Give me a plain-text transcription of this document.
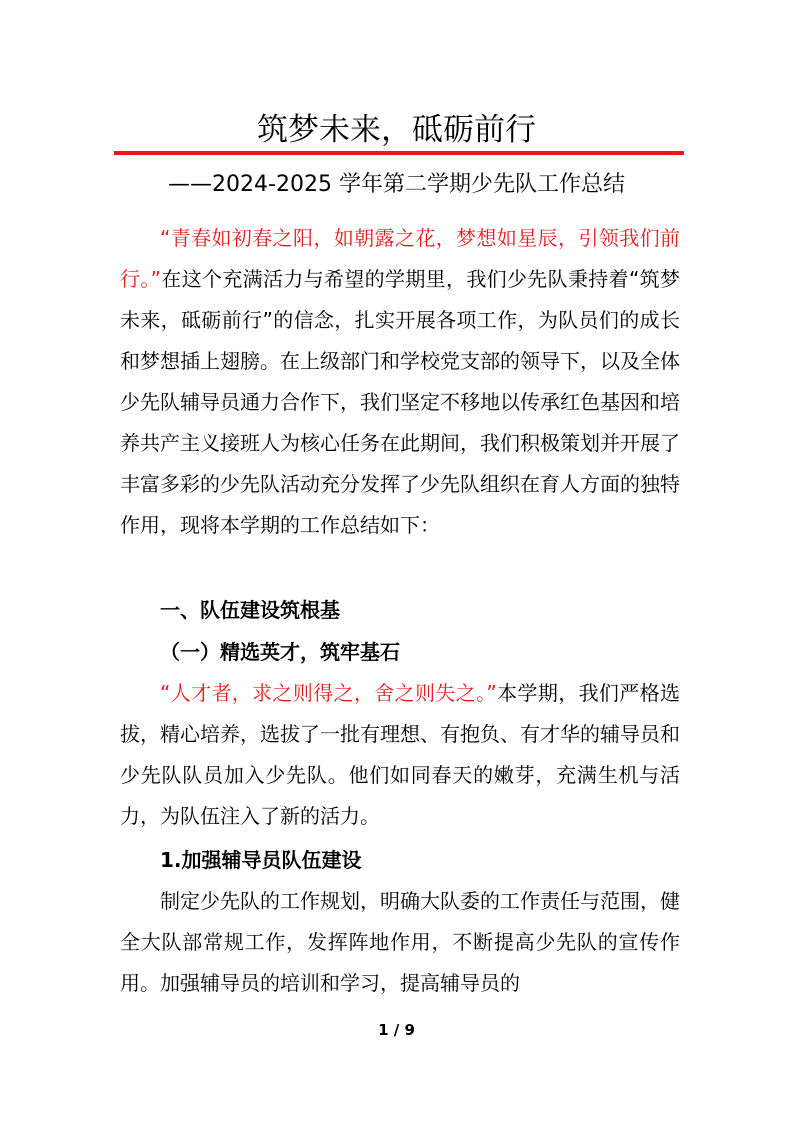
筑梦未来，砥砺前行
——2024-2025 学年第二学期少先队工作总结

“青春如初春之阳，如朝露之花，梦想如星辰，引领我们前行。”在这个充满活力与希望的学期里，我们少先队秉持着“筑梦未来，砥砺前行”的信念，扎实开展各项工作，为队员们的成长和梦想插上翅膀。在上级部门和学校党支部的领导下，以及全体少先队辅导员通力合作下，我们坚定不移地以传承红色基因和培养共产主义接班人为核心任务在此期间，我们积极策划并开展了丰富多彩的少先队活动充分发挥了少先队组织在育人方面的独特作用，现将本学期的工作总结如下：

一、队伍建设筑根基
（一）精选英才，筑牢基石

“人才者，求之则得之，舍之则失之。”本学期，我们严格选拔，精心培养，选拔了一批有理想、有抱负、有才华的辅导员和少先队队员加入少先队。他们如同春天的嫩芽，充满生机与活力，为队伍注入了新的活力。

1.加强辅导员队伍建设

制定少先队的工作规划，明确大队委的工作责任与范围，健全大队部常规工作，发挥阵地作用，不断提高少先队的宣传作用。加强辅导员的培训和学习，提高辅导员的

1 / 9
